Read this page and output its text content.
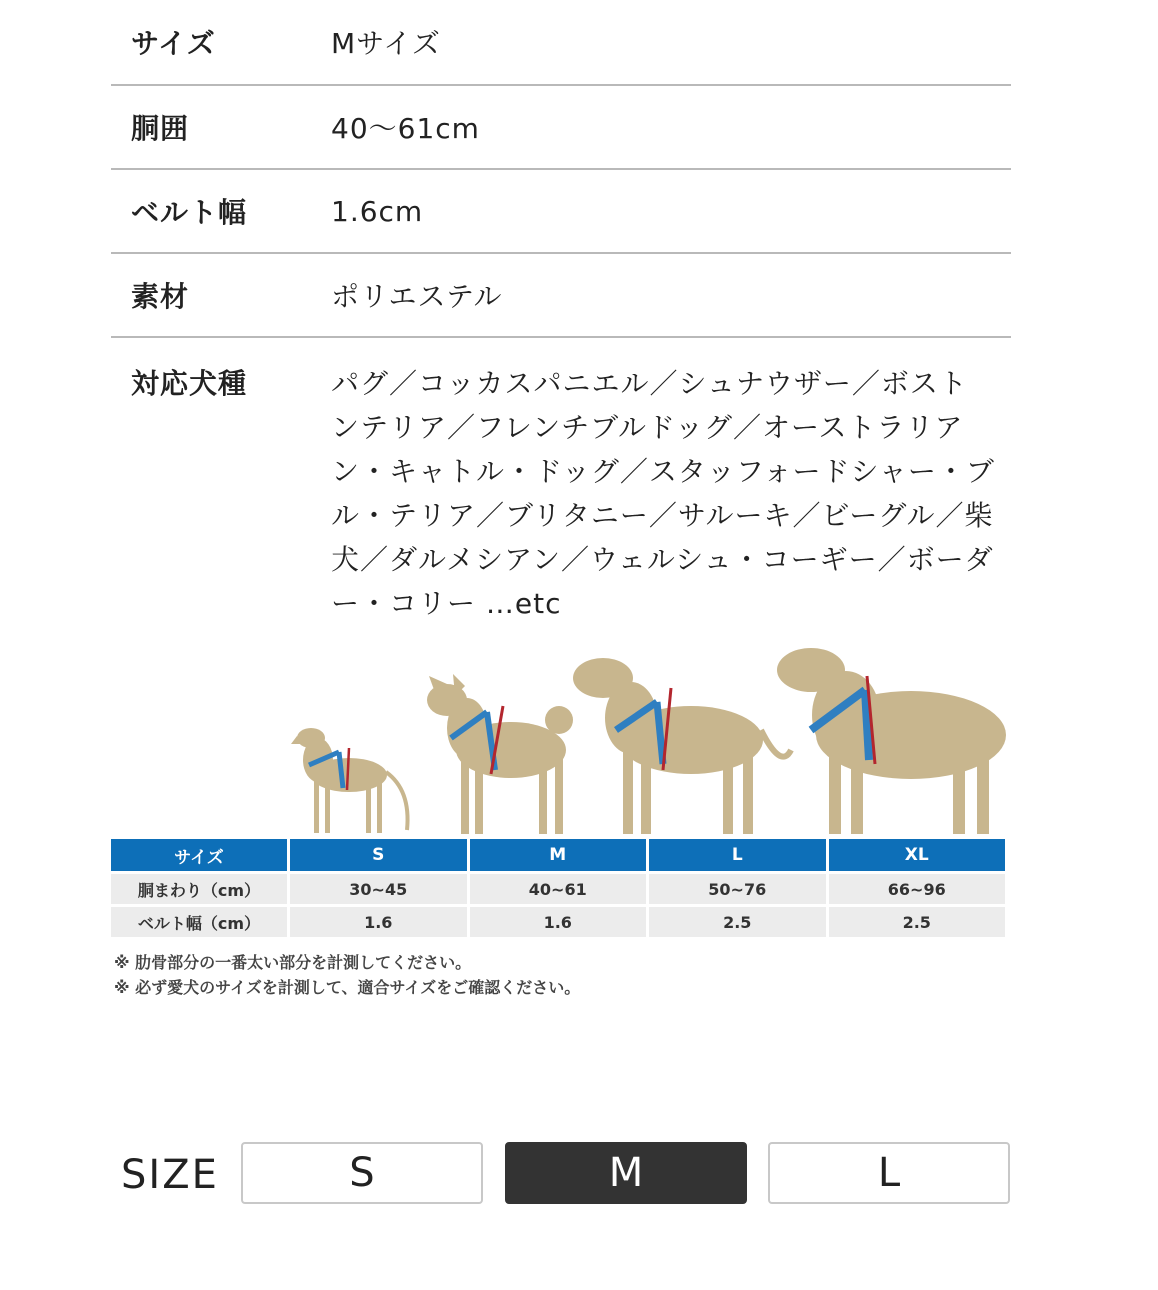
サイズ	Mサイズ
胴囲	40〜61cm
ベルト幅	1.6cm
素材	ポリエステル
対応犬種	パグ／コッカスパニエル／シュナウザー／ボストンテリア／フレンチブルドッグ／オーストラリアン・キャトル・ドッグ／スタッフォードシャー・ブル・テリア／ブリタニー／サルーキ／ビーグル／柴犬／ダルメシアン／ウェルシュ・コーギー／ボーダー・コリー …etc
サイズ	S	M	L	XL
胴まわり（cm）	30~45	40~61	50~76	66~96
ベルト幅（cm）	1.6	1.6	2.5	2.5
※ 肋骨部分の一番太い部分を計測してください。
※ 必ず愛犬のサイズを計測して、適合サイズをご確認ください。
SIZE	S	M	L
